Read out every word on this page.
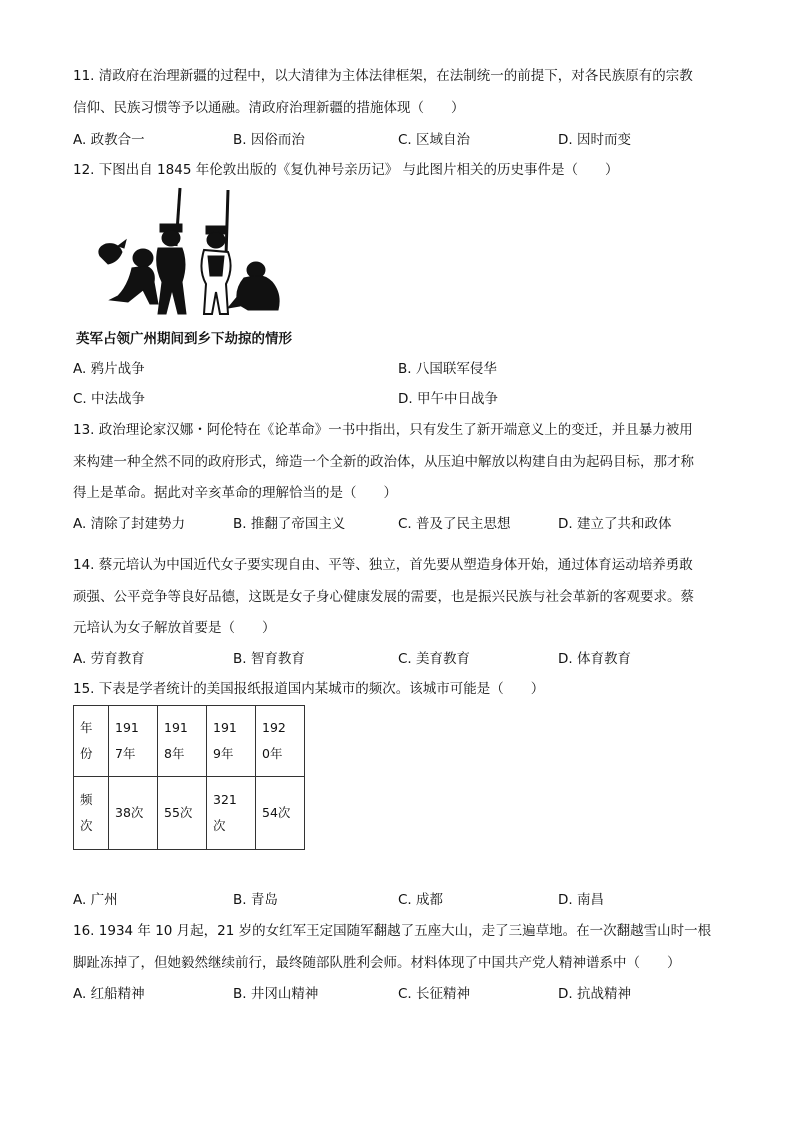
11. 清政府在治理新疆的过程中，以大清律为主体法律框架，在法制统一的前提下，对各民族原有的宗教
信仰、民族习惯等予以通融。清政府治理新疆的措施体现（　　）
A. 政教合一	B. 因俗而治	C. 区域自治	D. 因时而变
12. 下图出自 1845 年伦敦出版的《复仇神号亲历记》 与此图片相关的历史事件是（　　）
英军占领广州期间到乡下劫掠的情形
A. 鸦片战争	B. 八国联军侵华
C. 中法战争	D. 甲午中日战争
13. 政治理论家汉娜・阿伦特在《论革命》一书中指出，只有发生了新开端意义上的变迁，并且暴力被用
来构建一种全然不同的政府形式，缔造一个全新的政治体，从压迫中解放以构建自由为起码目标，那才称
得上是革命。据此对辛亥革命的理解恰当的是（　　）
A. 清除了封建势力	B. 推翻了帝国主义	C. 普及了民主思想	D. 建立了共和政体
14. 蔡元培认为中国近代女子要实现自由、平等、独立，首先要从塑造身体开始，通过体育运动培养勇敢
顽强、公平竞争等良好品德，这既是女子身心健康发展的需要，也是振兴民族与社会革新的客观要求。蔡
元培认为女子解放首要是（　　）
A. 劳育教育	B. 智育教育	C. 美育教育	D. 体育教育
15. 下表是学者统计的美国报纸报道国内某城市的频次。该城市可能是（　　）
年份	1917年	1918年	1919年	1920年
频次	38次	55次	321次	54次
A. 广州	B. 青岛	C. 成都	D. 南昌
16. 1934 年 10 月起，21 岁的女红军王定国随军翻越了五座大山，走了三遍草地。在一次翻越雪山时一根
脚趾冻掉了，但她毅然继续前行，最终随部队胜利会师。材料体现了中国共产党人精神谱系中（　　）
A. 红船精神	B. 井冈山精神	C. 长征精神	D. 抗战精神
